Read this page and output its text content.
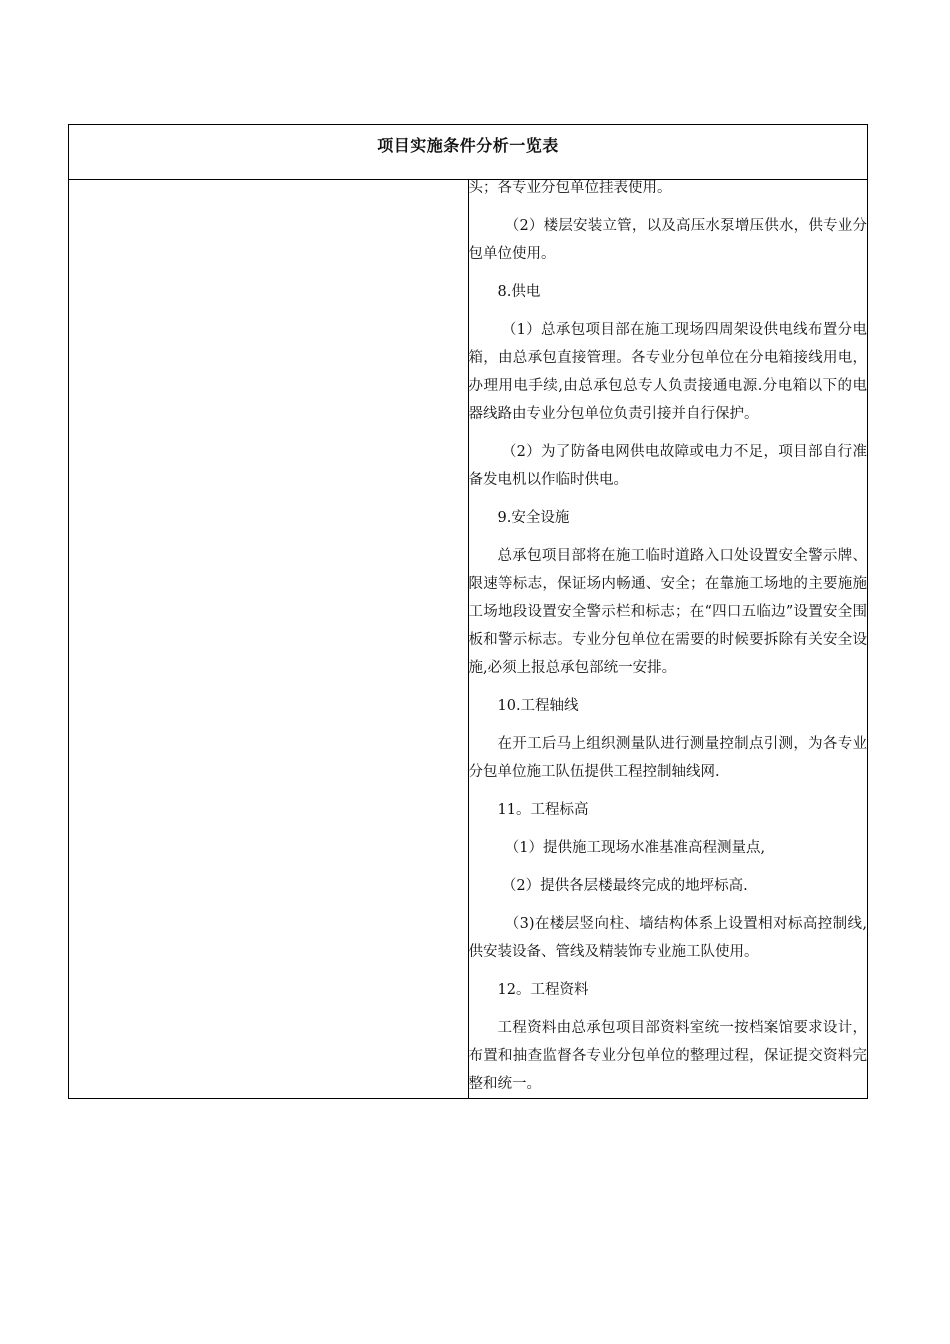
项目实施条件分析一览表

头；各专业分包单位挂表使用。

（2）楼层安装立管，以及高压水泵增压供水，供专业分包单位使用。

8.供电

（1）总承包项目部在施工现场四周架设供电线布置分电箱，由总承包直接管理。各专业分包单位在分电箱接线用电，办理用电手续,由总承包总专人负责接通电源.分电箱以下的电器线路由专业分包单位负责引接并自行保护。

（2）为了防备电网供电故障或电力不足，项目部自行准备发电机以作临时供电。

9.安全设施

总承包项目部将在施工临时道路入口处设置安全警示牌、限速等标志，保证场内畅通、安全；在靠施工场地的主要施施工场地段设置安全警示栏和标志；在“四口五临边”设置安全围板和警示标志。专业分包单位在需要的时候要拆除有关安全设施,必须上报总承包部统一安排。

10.工程轴线

在开工后马上组织测量队进行测量控制点引测，为各专业分包单位施工队伍提供工程控制轴线网.

11。工程标高

（1）提供施工现场水准基准高程测量点,

（2）提供各层楼最终完成的地坪标高.

（3)在楼层竖向柱、墙结构体系上设置相对标高控制线,供安装设备、管线及精装饰专业施工队使用。

12。工程资料

工程资料由总承包项目部资料室统一按档案馆要求设计，布置和抽查监督各专业分包单位的整理过程，保证提交资料完整和统一。
